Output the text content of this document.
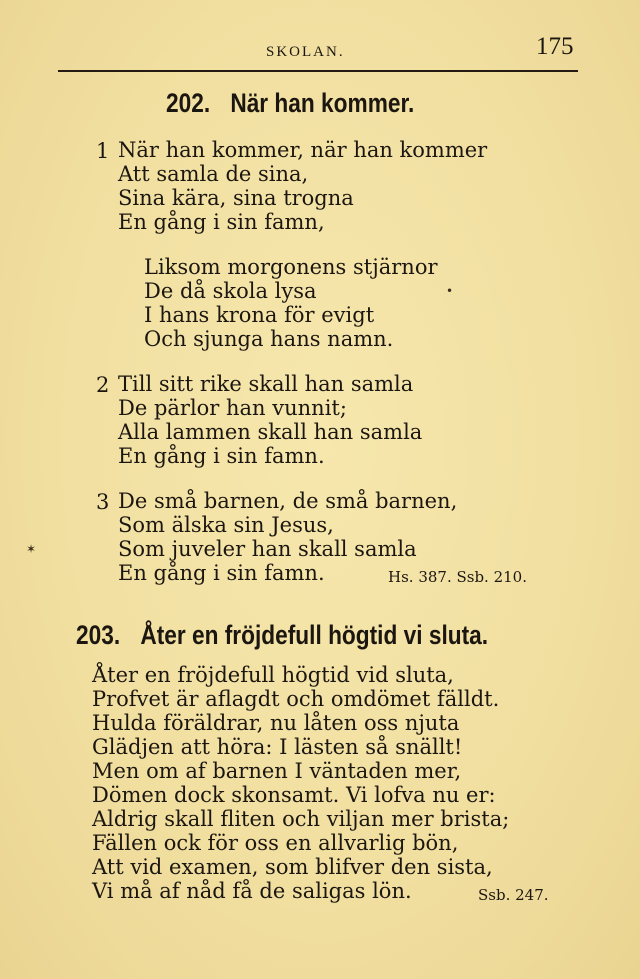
SKOLAN.	175
202. När han kommer.
1 När han kommer, när han kommer
Att samla de sina,
Sina kära, sina trogna
En gång i sin famn,
Liksom morgonens stjärnor
De då skola lysa
I hans krona för evigt
Och sjunga hans namn.
2 Till sitt rike skall han samla
De pärlor han vunnit;
Alla lammen skall han samla
En gång i sin famn.
3 De små barnen, de små barnen,
Som älska sin Jesus,
Som juveler han skall samla
En gång i sin famn.	Hs. 387. Ssb. 210.
203. Åter en fröjdefull högtid vi sluta.
Åter en fröjdefull högtid vid sluta,
Profvet är aflagdt och omdömet fälldt.
Hulda föräldrar, nu låten oss njuta
Glädjen att höra: I lästen så snällt!
Men om af barnen I väntaden mer,
Dömen dock skonsamt. Vi lofva nu er:
Aldrig skall fliten och viljan mer brista;
Fällen ock för oss en allvarlig bön,
Att vid examen, som blifver den sista,
Vi må af nåd få de saligas lön.	Ssb. 247.
•
✶
